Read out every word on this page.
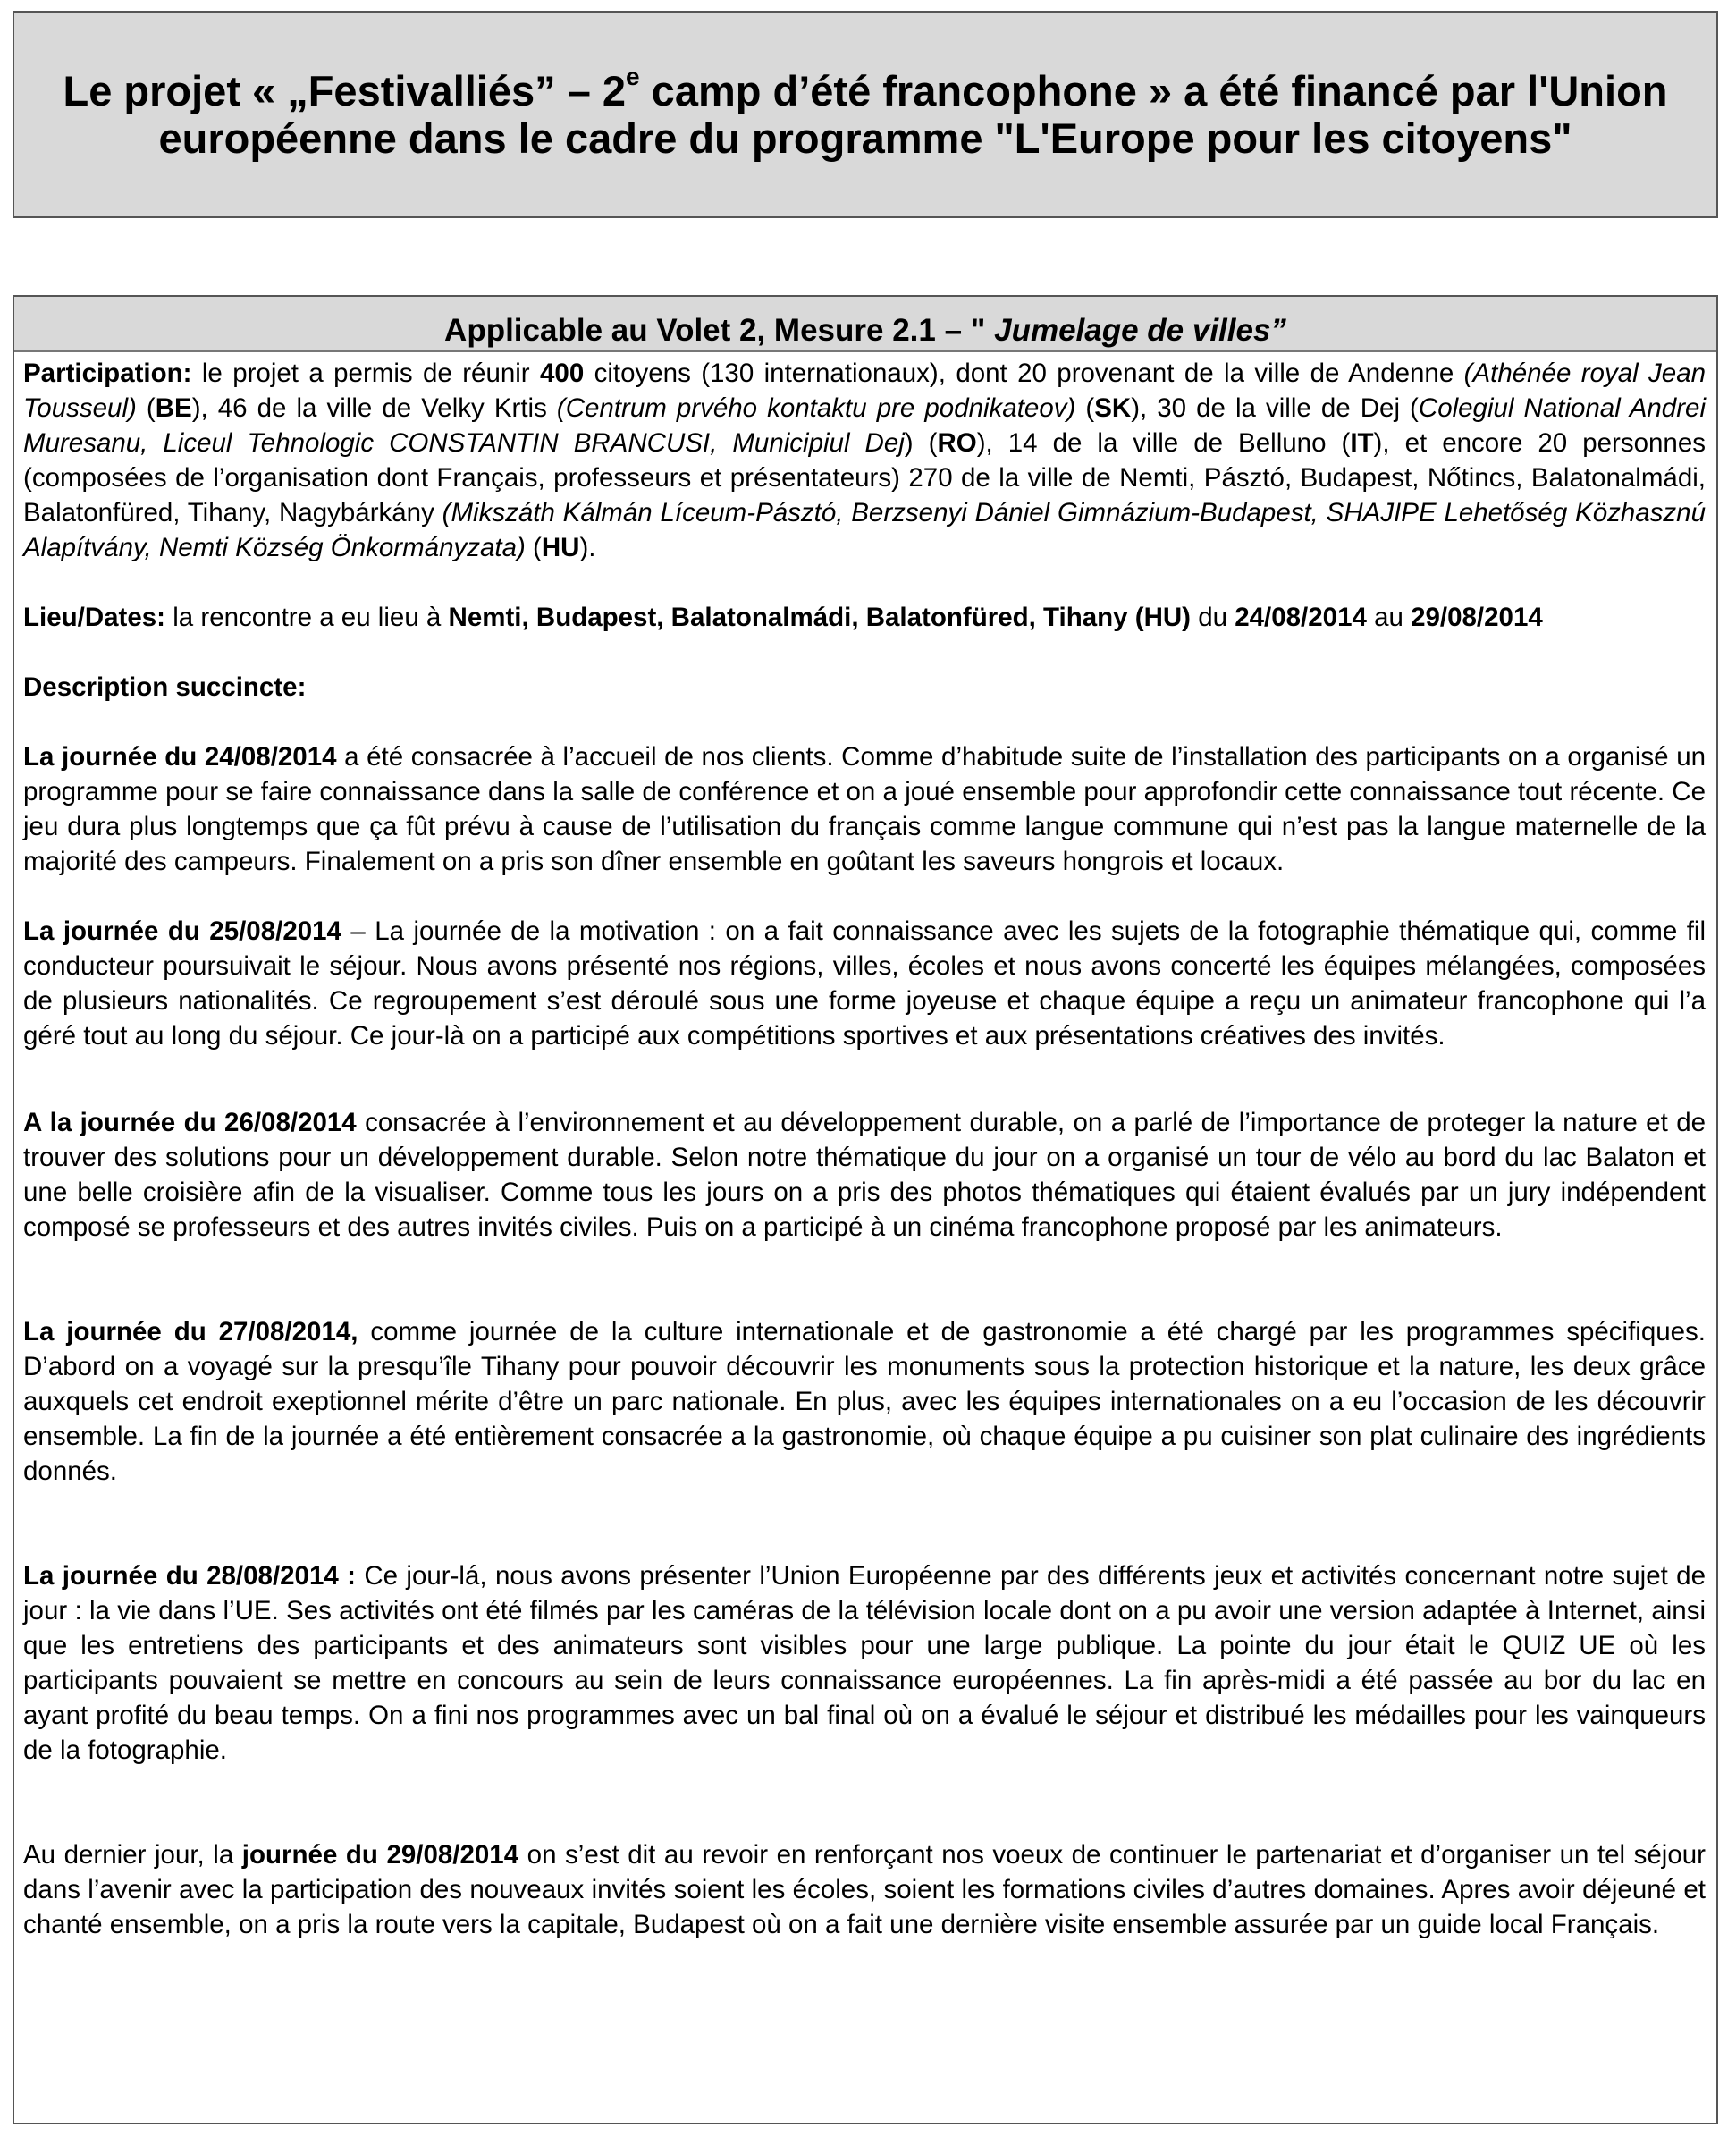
Le projet « „Festivalliés” – 2e camp d’été francophone » a été financé par l'Union européenne dans le cadre du programme "L'Europe pour les citoyens"
Applicable au Volet 2, Mesure 2.1 – " Jumelage de villes”

Participation: le projet a permis de réunir 400 citoyens (130 internationaux), dont 20 provenant de la ville de Andenne (Athénée royal Jean Tousseul) (BE), 46 de la ville de Velky Krtis (Centrum prvého kontaktu pre podnikateov) (SK), 30 de la ville de Dej (Colegiul National Andrei Muresanu, Liceul Tehnologic CONSTANTIN BRANCUSI, Municipiul Dej) (RO), 14 de la ville de Belluno (IT), et encore 20 personnes (composées de l’organisation dont Français, professeurs et présentateurs) 270 de la ville de Nemti, Pásztó, Budapest, Nőtincs, Balatonalmádi, Balatonfüred, Tihany, Nagybárkány (Mikszáth Kálmán Líceum-Pásztó, Berzsenyi Dániel Gimnázium-Budapest, SHAJIPE Lehetőség Közhasznú Alapítvány, Nemti Község Önkormányzata) (HU).

Lieu/Dates: la rencontre a eu lieu à Nemti, Budapest, Balatonalmádi, Balatonfüred, Tihany (HU) du 24/08/2014 au 29/08/2014

Description succincte:

La journée du 24/08/2014 a été consacrée à l’accueil de nos clients. Comme d’habitude suite de l’installation des participants on a organisé un programme pour se faire connaissance dans la salle de conférence et on a joué ensemble pour approfondir cette connaissance tout récente. Ce jeu dura plus longtemps que ça fût prévu à cause de l’utilisation du français comme langue commune qui n’est pas la langue maternelle de la majorité des campeurs. Finalement on a pris son dîner ensemble en goûtant les saveurs hongrois et locaux.

La journée du 25/08/2014 – La journée de la motivation : on a fait connaissance avec les sujets de la fotographie thématique qui, comme fil conducteur poursuivait le séjour. Nous avons présenté nos régions, villes, écoles et nous avons concerté les équipes mélangées, composées de plusieurs nationalités. Ce regroupement s’est déroulé sous une forme joyeuse et chaque équipe a reçu un animateur francophone qui l’a géré tout au long du séjour. Ce jour-là on a participé aux compétitions sportives et aux présentations créatives des invités.

A la journée du 26/08/2014 consacrée à l’environnement et au développement durable, on a parlé de l’importance de proteger la nature et de trouver des solutions pour un développement durable. Selon notre thématique du jour on a organisé un tour de vélo au bord du lac Balaton et une belle croisière afin de la visualiser. Comme tous les jours on a pris des photos thématiques qui étaient évalués par un jury indépendent composé se professeurs et des autres invités civiles. Puis on a participé à un cinéma francophone proposé par les animateurs.

La journée du 27/08/2014, comme journée de la culture internationale et de gastronomie a été chargé par les programmes spécifiques. D’abord on a voyagé sur la presqu’île Tihany pour pouvoir découvrir les monuments sous la protection historique et la nature, les deux grâce auxquels cet endroit exeptionnel mérite d’être un parc nationale. En plus, avec les équipes internationales on a eu l’occasion de les découvrir ensemble. La fin de la journée a été entièrement consacrée a la gastronomie, où chaque équipe a pu cuisiner son plat culinaire des ingrédients donnés.

La journée du 28/08/2014 : Ce jour-lá, nous avons présenter l’Union Européenne par des différents jeux et activités concernant notre sujet de jour : la vie dans l’UE. Ses activités ont été filmés par les caméras de la télévision locale dont on a pu avoir une version adaptée à Internet, ainsi que les entretiens des participants et des animateurs sont visibles pour une large publique. La pointe du jour était le QUIZ UE où les participants pouvaient se mettre en concours au sein de leurs connaissance européennes. La fin après-midi a été passée au bor du lac en ayant profité du beau temps. On a fini nos programmes avec un bal final où on a évalué le séjour et distribué les médailles pour les vainqueurs de la fotographie.

Au dernier jour, la journée du 29/08/2014 on s’est dit au revoir en renforçant nos voeux de continuer le partenariat et d’organiser un tel séjour dans l’avenir avec la participation des nouveaux invités soient les écoles, soient les formations civiles d’autres domaines. Apres avoir déjeuné et chanté ensemble, on a pris la route vers la capitale, Budapest où on a fait une dernière visite ensemble assurée par un guide local Français.
